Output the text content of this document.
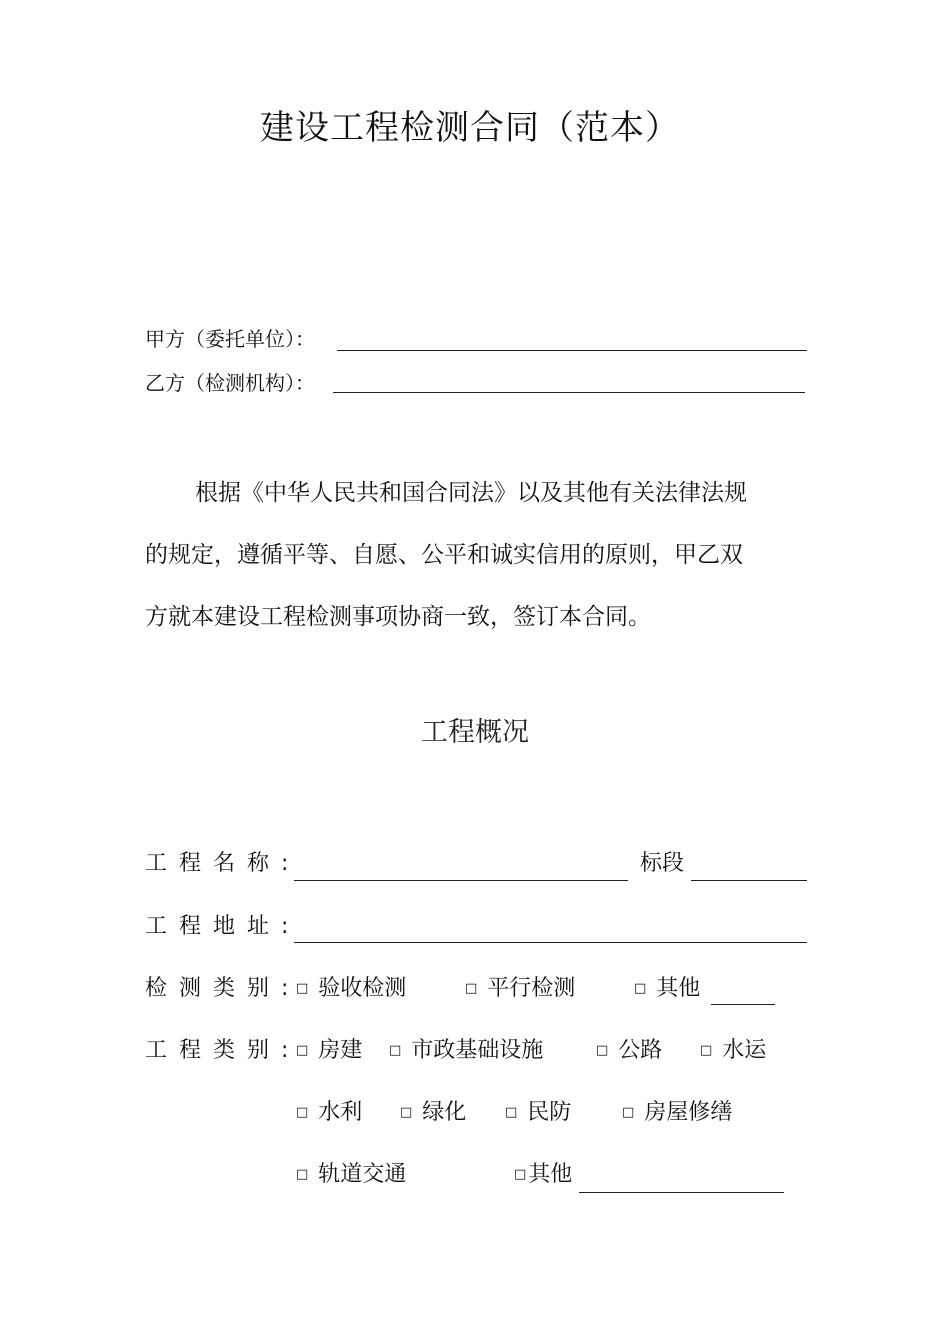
建设工程检测合同（范本）
甲方（委托单位）：
乙方（检测机构）：
根据《中华人民共和国合同法》以及其他有关法律法规
的规定，遵循平等、自愿、公平和诚实信用的原则，甲乙双
方就本建设工程检测事项协商一致，签订本合同。
工程概况
工程名称:	标段
工程地址:
检测类别: □ 验收检测	□ 平行检测	□ 其他
工程类别: □ 房建 □ 市政基础设施	□ 公路	□ 水运
□ 水利	□ 绿化	□ 民防	□ 房屋修缮
□ 轨道交通	□其他
